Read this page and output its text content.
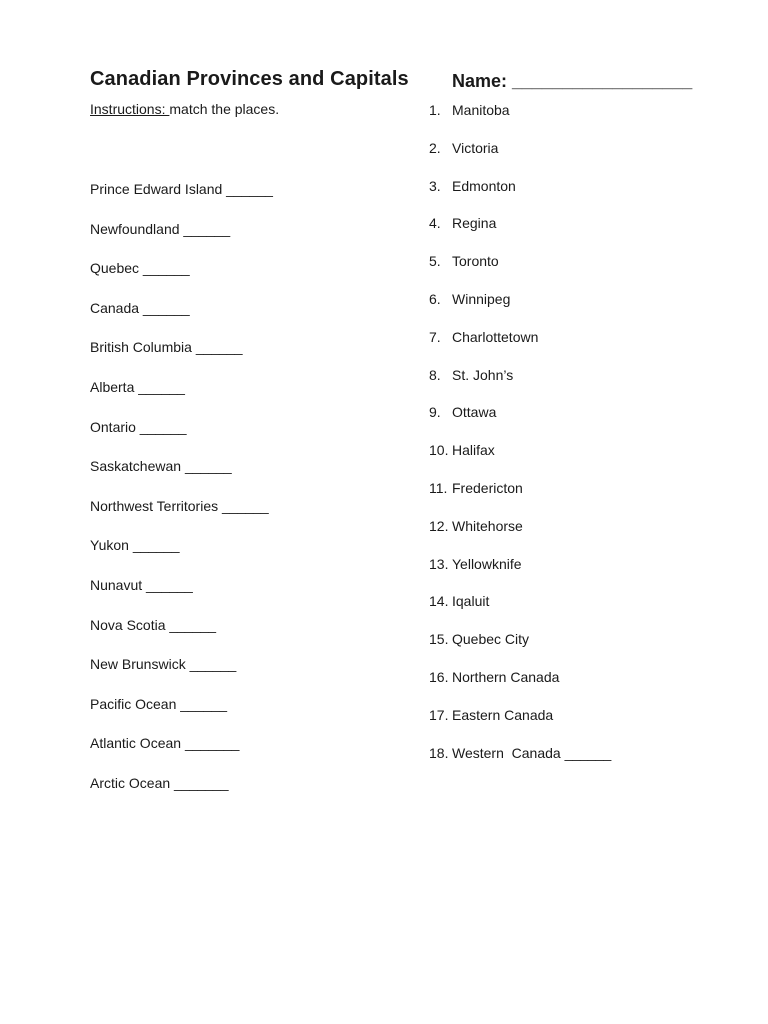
Canadian Provinces and Capitals Name: __________________
Instructions: match the places.
Prince Edward Island ______
Newfoundland ______
Quebec ______
Canada ______
British Columbia ______
Alberta ______
Ontario ______
Saskatchewan ______
Northwest Territories ______
Yukon ______
Nunavut ______
Nova Scotia ______
New Brunswick ______
Pacific Ocean ______
Atlantic Ocean _______
Arctic Ocean _______
1. Manitoba
2. Victoria
3. Edmonton
4. Regina
5. Toronto
6. Winnipeg
7. Charlottetown
8. St. John’s
9. Ottawa
10. Halifax
11. Fredericton
12. Whitehorse
13. Yellowknife
14. Iqaluit
15. Quebec City
16. Northern Canada
17. Eastern Canada
18. Western  Canada ______
